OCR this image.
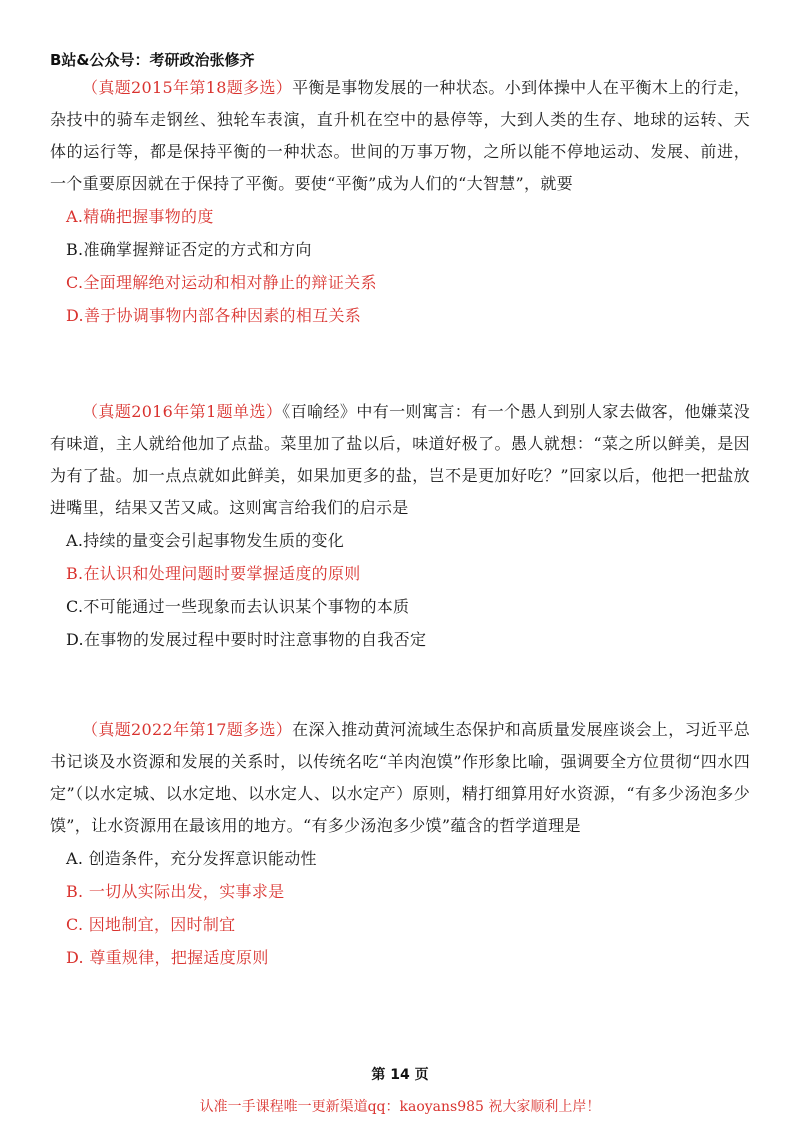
B站&公众号：考研政治张修齐

（真题2015年第18题多选）平衡是事物发展的一种状态。小到体操中人在平衡木上的行走，杂技中的骑车走钢丝、独轮车表演，直升机在空中的悬停等，大到人类的生存、地球的运转、天体的运行等，都是保持平衡的一种状态。世间的万事万物，之所以能不停地运动、发展、前进，一个重要原因就在于保持了平衡。要使“平衡”成为人们的“大智慧”，就要

A.精确把握事物的度

B.准确掌握辩证否定的方式和方向

C.全面理解绝对运动和相对静止的辩证关系

D.善于协调事物内部各种因素的相互关系

（真题2016年第1题单选）《百喻经》中有一则寓言：有一个愚人到别人家去做客，他嫌菜没有味道，主人就给他加了点盐。菜里加了盐以后，味道好极了。愚人就想：“菜之所以鲜美，是因为有了盐。加一点点就如此鲜美，如果加更多的盐，岂不是更加好吃？”回家以后，他把一把盐放进嘴里，结果又苦又咸。这则寓言给我们的启示是

A.持续的量变会引起事物发生质的变化

B.在认识和处理问题时要掌握适度的原则

C.不可能通过一些现象而去认识某个事物的本质

D.在事物的发展过程中要时时注意事物的自我否定

（真题2022年第17题多选）在深入推动黄河流域生态保护和高质量发展座谈会上，习近平总书记谈及水资源和发展的关系时，以传统名吃“羊肉泡馍”作形象比喻，强调要全方位贯彻“四水四定”（以水定城、以水定地、以水定人、以水定产）原则，精打细算用好水资源，“有多少汤泡多少馍”，让水资源用在最该用的地方。“有多少汤泡多少馍”蕴含的哲学道理是

A. 创造条件，充分发挥意识能动性

B. 一切从实际出发，实事求是

C. 因地制宜，因时制宜

D. 尊重规律，把握适度原则

第 14 页
认准一手课程唯一更新渠道qq：kaoyans985 祝大家顺利上岸！
